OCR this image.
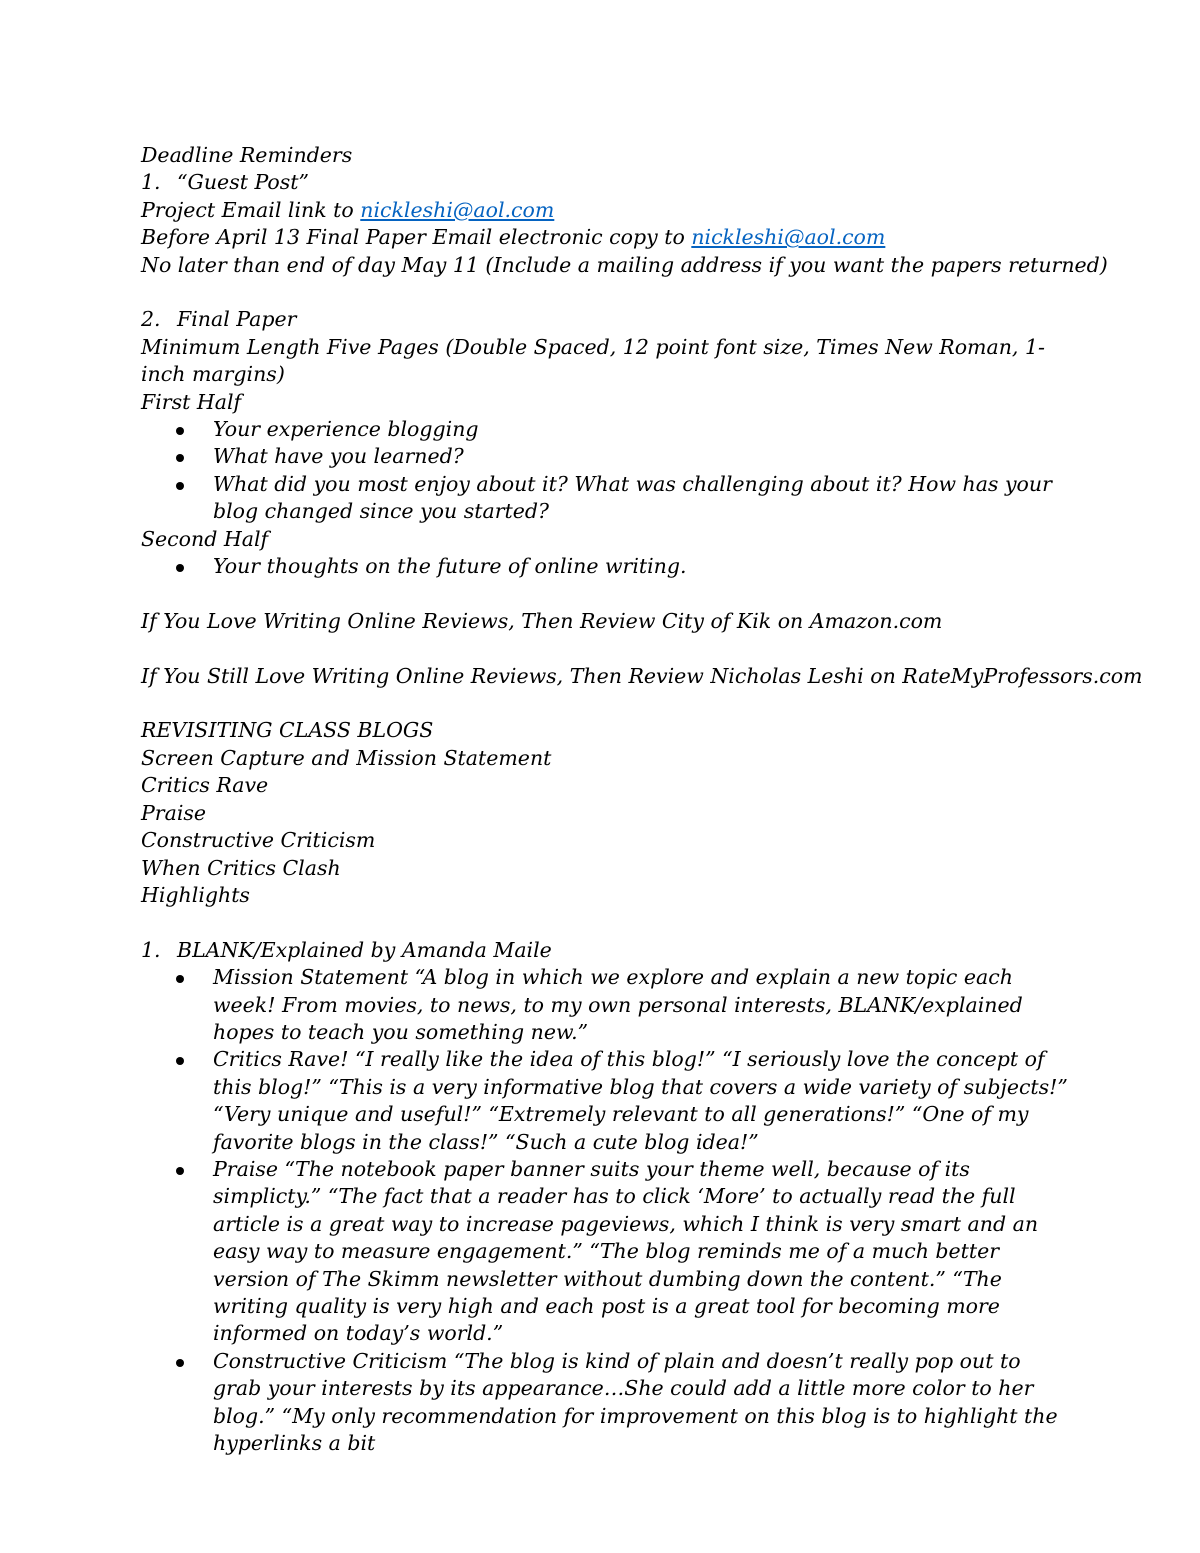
Deadline Reminders

1. “Guest Post”

Project Email link to nickleshi@aol.com

Before April 13 Final Paper Email electronic copy to nickleshi@aol.com

No later than end of day May 11 (Include a mailing address if you want the papers returned)

2. Final Paper

Minimum Length Five Pages (Double Spaced, 12 point font size, Times New Roman, 1-inch margins)

First Half

Your experience blogging
What have you learned?
What did you most enjoy about it? What was challenging about it? How has your blog changed since you started?

Second Half

Your thoughts on the future of online writing.

If You Love Writing Online Reviews, Then Review City of Kik on Amazon.com

If You Still Love Writing Online Reviews, Then Review Nicholas Leshi on RateMyProfessors.com

REVISITING CLASS BLOGS

Screen Capture and Mission Statement

Critics Rave

Praise

Constructive Criticism

When Critics Clash

Highlights

1. BLANK/Explained by Amanda Maile
Mission Statement “A blog in which we explore and explain a new topic each week! From movies, to news, to my own personal interests, BLANK/explained hopes to teach you something new.”
Critics Rave! “I really like the idea of this blog!” “I seriously love the concept of this blog!” “This is a very informative blog that covers a wide variety of subjects!” “Very unique and useful!” “Extremely relevant to all generations!” “One of my favorite blogs in the class!” “Such a cute blog idea!”
Praise “The notebook paper banner suits your theme well, because of its simplicty.” “The fact that a reader has to click ‘More’ to actually read the full article is a great way to increase pageviews, which I think is very smart and an easy way to measure engagement.” “The blog reminds me of a much better version of The Skimm newsletter without dumbing down the content.” “The writing quality is very high and each post is a great tool for becoming more informed on today’s world.”
Constructive Criticism “The blog is kind of plain and doesn’t really pop out to grab your interests by its appearance…She could add a little more color to her blog.” “My only recommendation for improvement on this blog is to highlight the hyperlinks a bit
